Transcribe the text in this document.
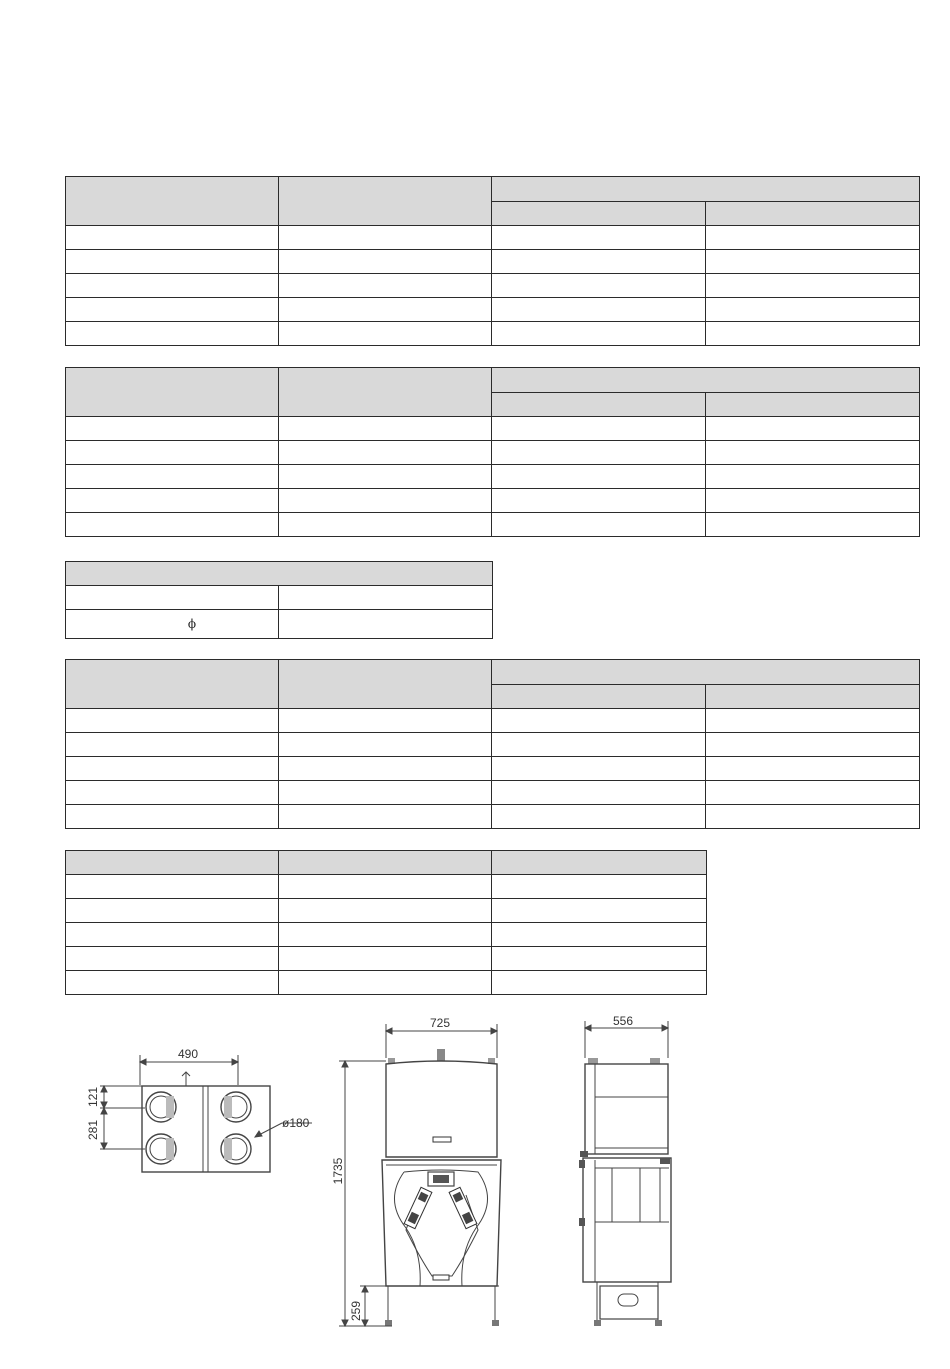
ϕ	

490
121
281	ø180
725
1735
259
556
